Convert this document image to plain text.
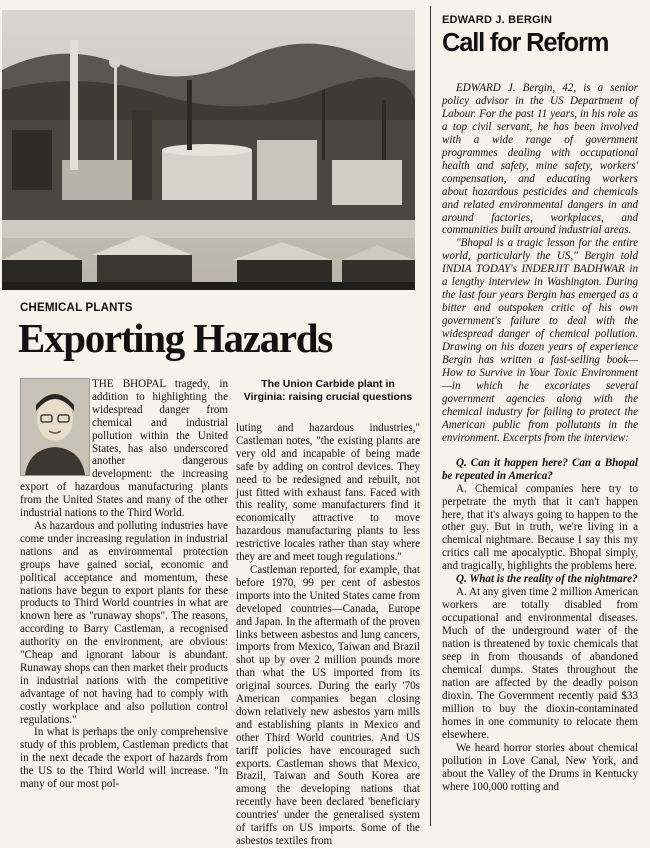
CHEMICAL PLANTS
Exporting Hazards

THE BHOPAL tragedy, in addition to highlighting the widespread danger from chemical and industrial pollution within the United States, has also underscored another dangerous development: the increasing export of hazardous manufacturing plants from the United States and many of the other industrial nations to the Third World.

As hazardous and polluting industries have come under increasing regulation in industrial nations and as environmental protection groups have gained social, economic and political acceptance and momentum, these nations have begun to export plants for these products to Third World countries in what are known here as "runaway shops". The reasons, according to Barry Castleman, a recognised authority on the environment, are obvious: "Cheap and ignorant labour is abundant. Runaway shops can then market their products in industrial nations with the competitive advantage of not having had to comply with costly workplace and also pollution control regulations."

In what is perhaps the only comprehensive study of this problem, Castleman predicts that in the next decade the export of hazards from the US to the Third World will increase. "In many of our most pol-

The Union Carbide plant in Virginia: raising crucial questions

luting and hazardous industries," Castleman notes, "the existing plants are very old and incapable of being made safe by adding on control devices. They need to be redesigned and rebuilt, not just fitted with exhaust fans. Faced with this reality, some manufacturers find it economically attractive to move hazardous manufacturing plants to less restrictive locales rather than stay where they are and meet tough regulations."

Castleman reported, for example, that before 1970, 99 per cent of asbestos imports into the United States came from developed countries—Canada, Europe and Japan. In the aftermath of the proven links between asbestos and lung cancers, imports from Mexico, Taiwan and Brazil shot up by over 2 million pounds more than what the US imported from its original sources. During the early '70s American companies began closing down relatively new asbestos yarn mills and establishing plants in Mexico and other Third World countries. And US tariff policies have encouraged such exports. Castleman shows that Mexico, Brazil, Taiwan and South Korea are among the developing nations that recently have been declared 'beneficiary countries' under the generalised system of tariffs on US imports. Some of the asbestos textiles from

EDWARD J. BERGIN
Call for Reform

EDWARD J. Bergin, 42, is a senior policy advisor in the US Department of Labour. For the past 11 years, in his role as a top civil servant, he has been involved with a wide range of government programmes dealing with occupational health and safety, mine safety, workers' compensation, and educating workers about hazardous pesticides and chemicals and related environmental dangers in and around factories, workplaces, and communities built around industrial areas.

"Bhopal is a tragic lesson for the entire world, particularly the US," Bergin told INDIA TODAY's INDERJIT BADHWAR in a lengthy interview in Washington. During the last four years Bergin has emerged as a bitter and outspoken critic of his own government's failure to deal with the widespread danger of chemical pollution. Drawing on his dozen years of experience Bergin has written a fast-selling book—How to Survive in Your Toxic Environment—in which he excoriates several government agencies along with the chemical industry for failing to protect the American public from pollutants in the environment. Excerpts from the interview:

Q. Can it happen here? Can a Bhopal be repeated in America?

A. Chemical companies here try to perpetrate the myth that it can't happen here, that it's always going to happen to the other guy. But in truth, we're living in a chemical nightmare. Because I say this my critics call me apocalyptic. Bhopal simply, and tragically, highlights the problems here.

Q. What is the reality of the nightmare?

A. At any given time 2 million American workers are totally disabled from occupational and environmental diseases. Much of the underground water of the nation is threatened by toxic chemicals that seep in from thousands of abandoned chemical dumps. States throughout the nation are affected by the deadly poison dioxin. The Government recently paid $33 million to buy the dioxin-contaminated homes in one community to relocate them elsewhere.

We heard horror stories about chemical pollution in Love Canal, New York, and about the Valley of the Drums in Kentucky where 100,000 rotting and
